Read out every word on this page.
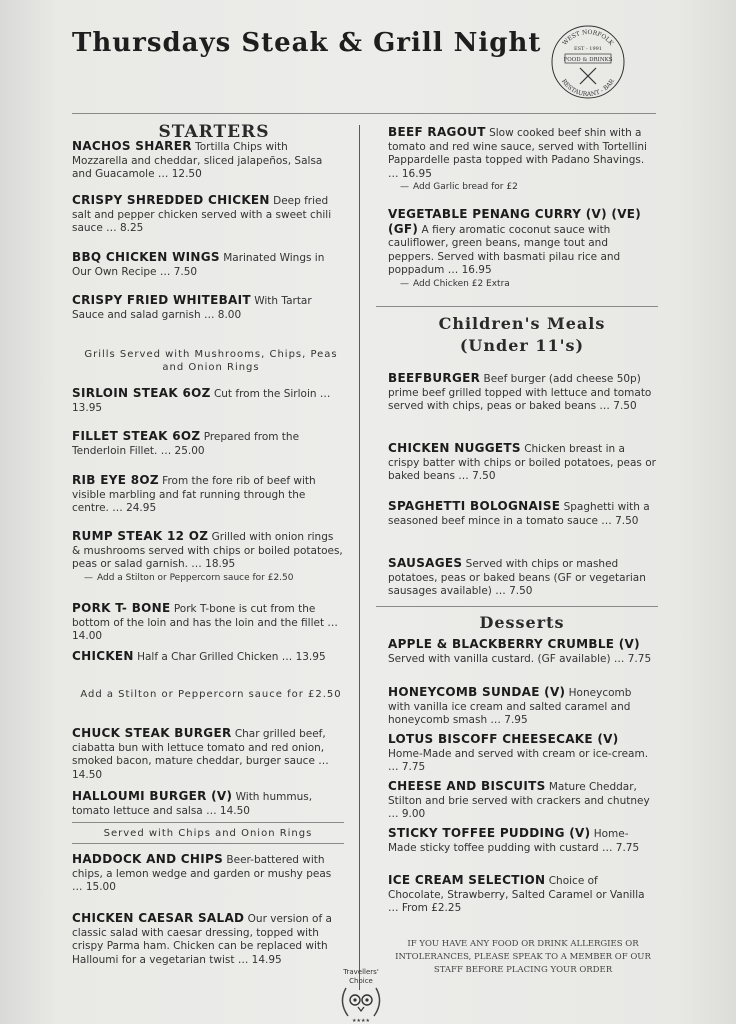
Thursdays Steak & Grill Night	WEST NORFOLK
RESTAURANT - BAR
EST - 1991
FOOD & DRINKS
STARTERS
NACHOS SHARER Tortilla Chips with Mozzarella and cheddar, sliced jalapeños, Salsa and Guacamole … 12.50
CRISPY SHREDDED CHICKEN Deep fried salt and pepper chicken served with a sweet chili sauce … 8.25
BBQ CHICKEN WINGS Marinated Wings in Our Own Recipe … 7.50
CRISPY FRIED WHITEBAIT With Tartar Sauce and salad garnish … 8.00
Grills Served with Mushrooms, Chips, Peas and Onion Rings
SIRLOIN STEAK 6OZ Cut from the Sirloin … 13.95
FILLET STEAK 6OZ Prepared from the Tenderloin Fillet. … 25.00
RIB EYE 8OZ From the fore rib of beef with visible marbling and fat running through the centre. … 24.95
RUMP STEAK 12 OZ Grilled with onion rings & mushrooms served with chips or boiled potatoes, peas or salad garnish. … 18.95
— Add a Stilton or Peppercorn sauce for £2.50
PORK T- BONE Pork T-bone is cut from the bottom of the loin and has the loin and the fillet … 14.00
CHICKEN Half a Char Grilled Chicken … 13.95
Add a Stilton or Peppercorn sauce for £2.50
CHUCK STEAK BURGER Char grilled beef, ciabatta bun with lettuce tomato and red onion, smoked bacon, mature cheddar, burger sauce … 14.50
HALLOUMI BURGER (V) With hummus, tomato lettuce and salsa … 14.50
Served with Chips and Onion Rings
HADDOCK AND CHIPS Beer-battered with chips, a lemon wedge and garden or mushy peas … 15.00
CHICKEN CAESAR SALAD Our version of a classic salad with caesar dressing, topped with crispy Parma ham. Chicken can be replaced with Halloumi for a vegetarian twist … 14.95
BEEF RAGOUT Slow cooked beef shin with a tomato and red wine sauce, served with Tortellini Pappardelle pasta topped with Padano Shavings. … 16.95
— Add Garlic bread for £2
VEGETABLE PENANG CURRY (V) (VE) (GF) A fiery aromatic coconut sauce with cauliflower, green beans, mange tout and peppers. Served with basmati pilau rice and poppadum … 16.95
— Add Chicken £2 Extra
Children's Meals
(Under 11's)
BEEFBURGER Beef burger (add cheese 50p) prime beef grilled topped with lettuce and tomato served with chips, peas or baked beans … 7.50
CHICKEN NUGGETS Chicken breast in a crispy batter with chips or boiled potatoes, peas or baked beans … 7.50
SPAGHETTI BOLOGNAISE Spaghetti with a seasoned beef mince in a tomato sauce … 7.50
SAUSAGES Served with chips or mashed potatoes, peas or baked beans (GF or vegetarian sausages available) … 7.50
Desserts
APPLE & BLACKBERRY CRUMBLE (V) Served with vanilla custard. (GF available) … 7.75
HONEYCOMB SUNDAE (V) Honeycomb with vanilla ice cream and salted caramel and honeycomb smash … 7.95
LOTUS BISCOFF CHEESECAKE (V) Home-Made and served with cream or ice-cream. … 7.75
CHEESE AND BISCUITS Mature Cheddar, Stilton and brie served with crackers and chutney … 9.00
STICKY TOFFEE PUDDING (V) Home-Made sticky toffee pudding with custard … 7.75
ICE CREAM SELECTION Choice of Chocolate, Strawberry, Salted Caramel or Vanilla … From £2.25
IF YOU HAVE ANY FOOD OR DRINK ALLERGIES OR INTOLERANCES, PLEASE SPEAK TO A MEMBER OF OUR STAFF BEFORE PLACING YOUR ORDER
Travellers'
Choice
★★★★
